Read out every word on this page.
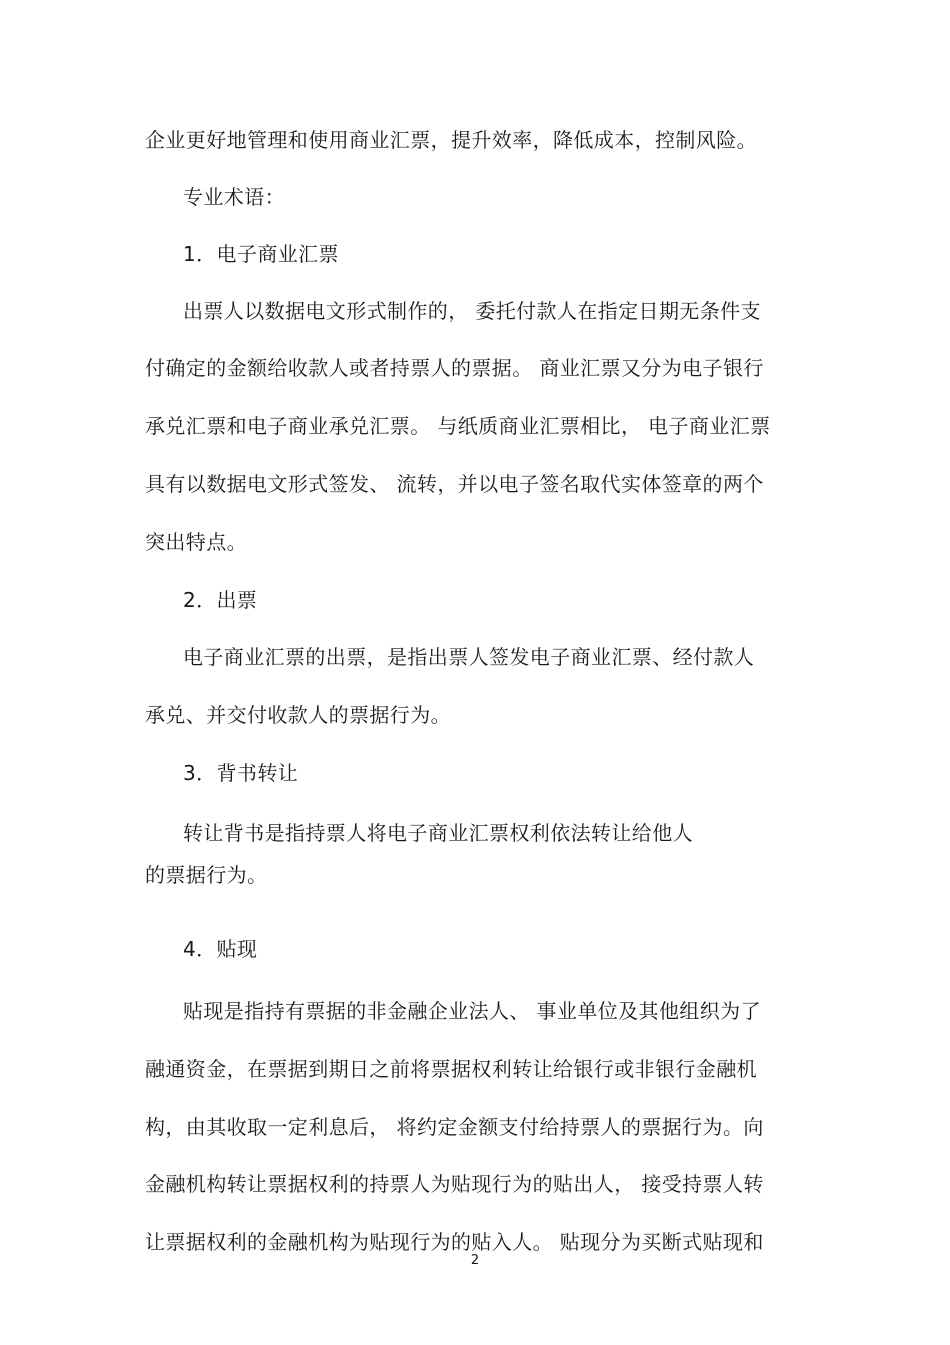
企业更好地管理和使用商业汇票，提升效率，降低成本，控制风险。
专业术语：
1．电子商业汇票
出票人以数据电文形式制作的， 委托付款人在指定日期无条件支
付确定的金额给收款人或者持票人的票据。 商业汇票又分为电子银行
承兑汇票和电子商业承兑汇票。 与纸质商业汇票相比， 电子商业汇票
具有以数据电文形式签发、 流转，并以电子签名取代实体签章的两个
突出特点。
2．出票
电子商业汇票的出票，是指出票人签发电子商业汇票、经付款人
承兑、并交付收款人的票据行为。
3．背书转让
转让背书是指持票人将电子商业汇票权利依法转让给他人
的票据行为。
4．贴现
贴现是指持有票据的非金融企业法人、 事业单位及其他组织为了
融通资金，在票据到期日之前将票据权利转让给银行或非银行金融机
构，由其收取一定利息后， 将约定金额支付给持票人的票据行为。向
金融机构转让票据权利的持票人为贴现行为的贴出人， 接受持票人转
让票据权利的金融机构为贴现行为的贴入人。 贴现分为买断式贴现和
2
